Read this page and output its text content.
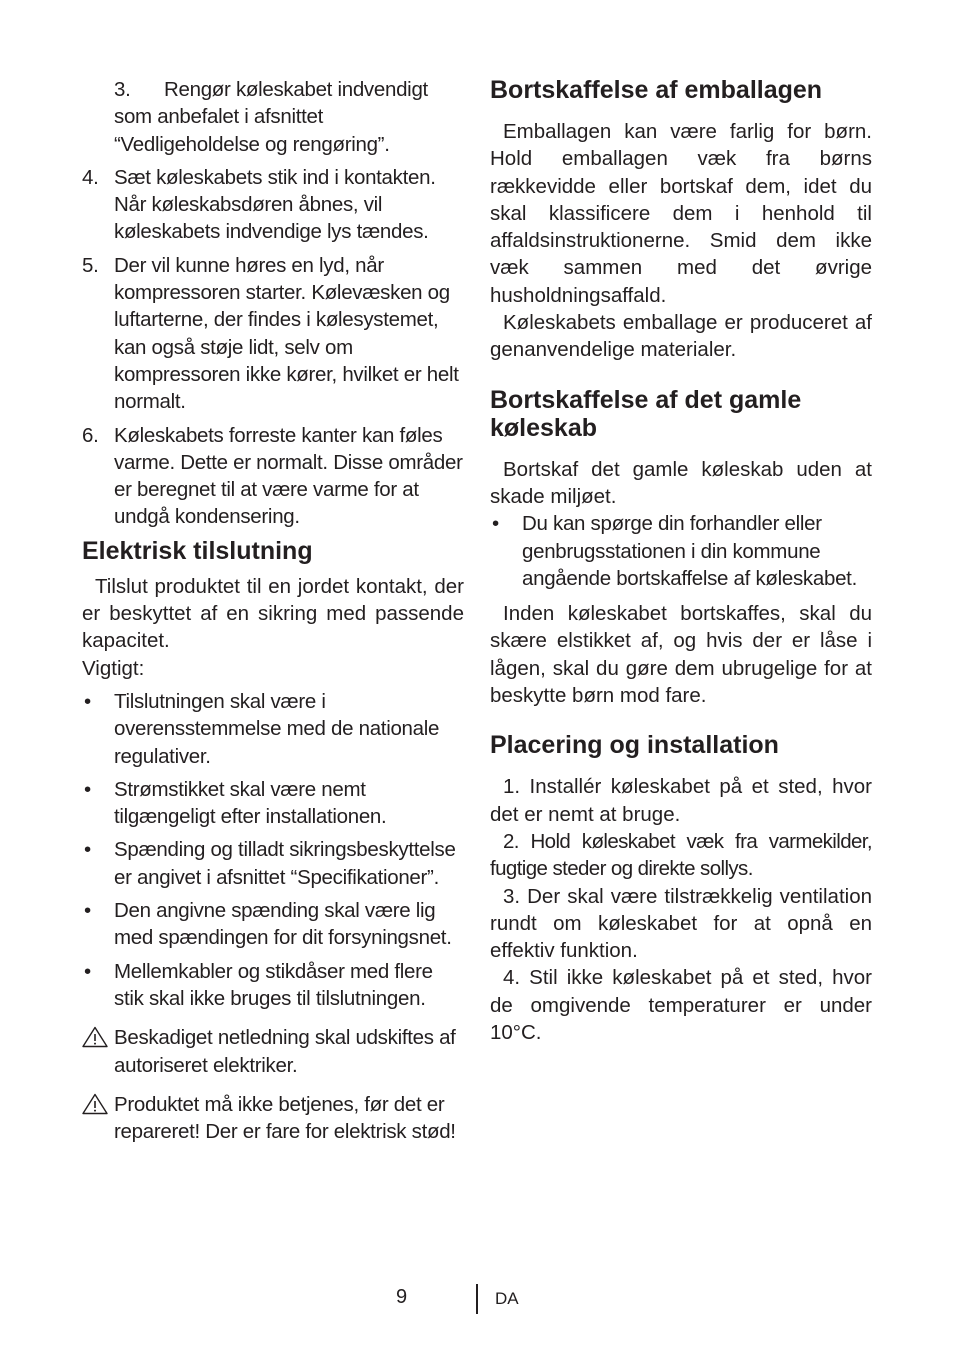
3.	Rengør køleskabet indvendigt som anbefalet i afsnittet “Vedligeholdelse og rengøring”.
4. Sæt køleskabets stik ind i kontakten. Når køleskabsdøren åbnes, vil køleskabets indvendige lys tændes.
5. Der vil kunne høres en lyd, når kompressoren starter. Kølevæsken og luftarterne, der findes i kølesystemet, kan også støje lidt, selv om kompressoren ikke kører, hvilket er helt normalt.
6. Køleskabets forreste kanter kan føles varme. Dette er normalt. Disse områder er beregnet til at være varme for at undgå kondensering.
Elektrisk tilslutning

Tilslut produktet til en jordet kontakt, der er beskyttet af en sikring med passende kapacitet.

Vigtigt:

• Tilslutningen skal være i overensstemmelse med de nationale regulativer.
• Strømstikket skal være nemt tilgængeligt efter installationen.
• Spænding og tilladt sikringsbeskyttelse er angivet i afsnittet “Specifikationer”.
• Den angivne spænding skal være lig med spændingen for dit forsyningsnet.
• Mellemkabler og stikdåser med flere stik skal ikke bruges til tilslutningen.
Beskadiget netledning skal udskiftes af autoriseret elektriker.
Produktet må ikke betjenes, før det er repareret! Der er fare for elektrisk stød!
Bortskaffelse af emballagen

Emballagen kan være farlig for børn. Hold emballagen væk fra børns rækkevidde eller bortskaf dem, idet du skal klassificere dem i henhold til affaldsinstruktionerne. Smid dem ikke væk sammen med det øvrige husholdningsaffald.

Køleskabets emballage er produceret af genanvendelige materialer.

Bortskaffelse af det gamle køleskab

Bortskaf det gamle køleskab uden at skade miljøet.

• Du kan spørge din forhandler eller genbrugsstationen i din kommune angående bortskaffelse af køleskabet.

Inden køleskabet bortskaffes, skal du skære elstikket af, og hvis der er låse i lågen, skal du gøre dem ubrugelige for at beskytte børn mod fare.

Placering og installation

1. Installér køleskabet på et sted, hvor det er nemt at bruge.

2. Hold køleskabet væk fra varmekilder, fugtige steder og direkte sollys.

3. Der skal være tilstrækkelig ventilation rundt om køleskabet for at opnå en effektiv funktion.

4. Stil ikke køleskabet på et sted, hvor de omgivende temperaturer er under 10°C.

9	DA
